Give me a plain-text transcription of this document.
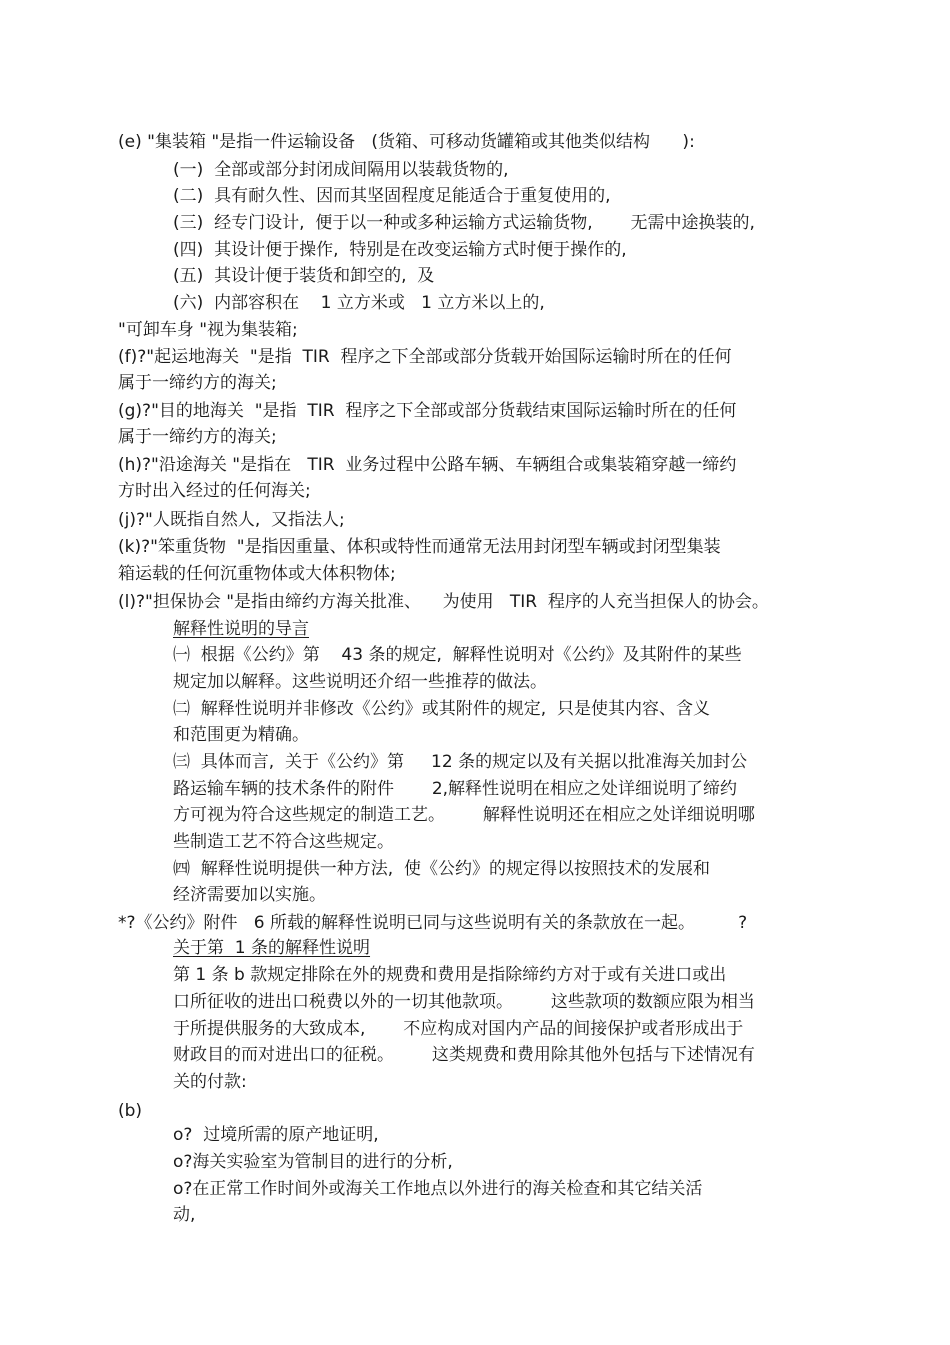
(e) "集装箱 "是指一件运输设备   (货箱、可移动货罐箱或其他类似结构      ):
(一)  全部或部分封闭成间隔用以装载货物的,
(二)  具有耐久性、因而其坚固程度足能适合于重复使用的,
(三)  经专门设计,  便于以一种或多种运输方式运输货物,       无需中途换装的,
(四)  其设计便于操作,  特别是在改变运输方式时便于操作的,
(五)  其设计便于装货和卸空的,  及
(六)  内部容积在    1 立方米或   1 立方米以上的,
"可卸车身 "视为集装箱;
(f)?"起运地海关  "是指  TIR  程序之下全部或部分货载开始国际运输时所在的任何
属于一缔约方的海关;
(g)?"目的地海关  "是指  TIR  程序之下全部或部分货载结束国际运输时所在的任何
属于一缔约方的海关;
(h)?"沿途海关 "是指在   TIR  业务过程中公路车辆、车辆组合或集装箱穿越一缔约
方时出入经过的任何海关;
(j)?"人既指自然人,  又指法人;
(k)?"笨重货物  "是指因重量、体积或特性而通常无法用封闭型车辆或封闭型集装
箱运载的任何沉重物体或大体积物体;
(l)?"担保协会 "是指由缔约方海关批准、    为使用   TIR  程序的人充当担保人的协会。
解释性说明的导言
㈠  根据《公约》第    43 条的规定,  解释性说明对《公约》及其附件的某些
规定加以解释。这些说明还介绍一些推荐的做法。
㈡  解释性说明并非修改《公约》或其附件的规定,  只是使其内容、含义
和范围更为精确。
㈢  具体而言,  关于《公约》第     12 条的规定以及有关据以批准海关加封公
路运输车辆的技术条件的附件       2,解释性说明在相应之处详细说明了缔约
方可视为符合这些规定的制造工艺。       解释性说明还在相应之处详细说明哪
些制造工艺不符合这些规定。
㈣  解释性说明提供一种方法,  使《公约》的规定得以按照技术的发展和
经济需要加以实施。
*?《公约》附件   6 所载的解释性说明已同与这些说明有关的条款放在一起。        ?
关于第  1 条的解释性说明
第 1 条 b 款规定排除在外的规费和费用是指除缔约方对于或有关进口或出
口所征收的进出口税费以外的一切其他款项。       这些款项的数额应限为相当
于所提供服务的大致成本,       不应构成对国内产品的间接保护或者形成出于
财政目的而对进出口的征税。       这类规费和费用除其他外包括与下述情况有
关的付款:
(b)
o?  过境所需的原产地证明,
o?海关实验室为管制目的进行的分析,
o?在正常工作时间外或海关工作地点以外进行的海关检查和其它结关活
动,
